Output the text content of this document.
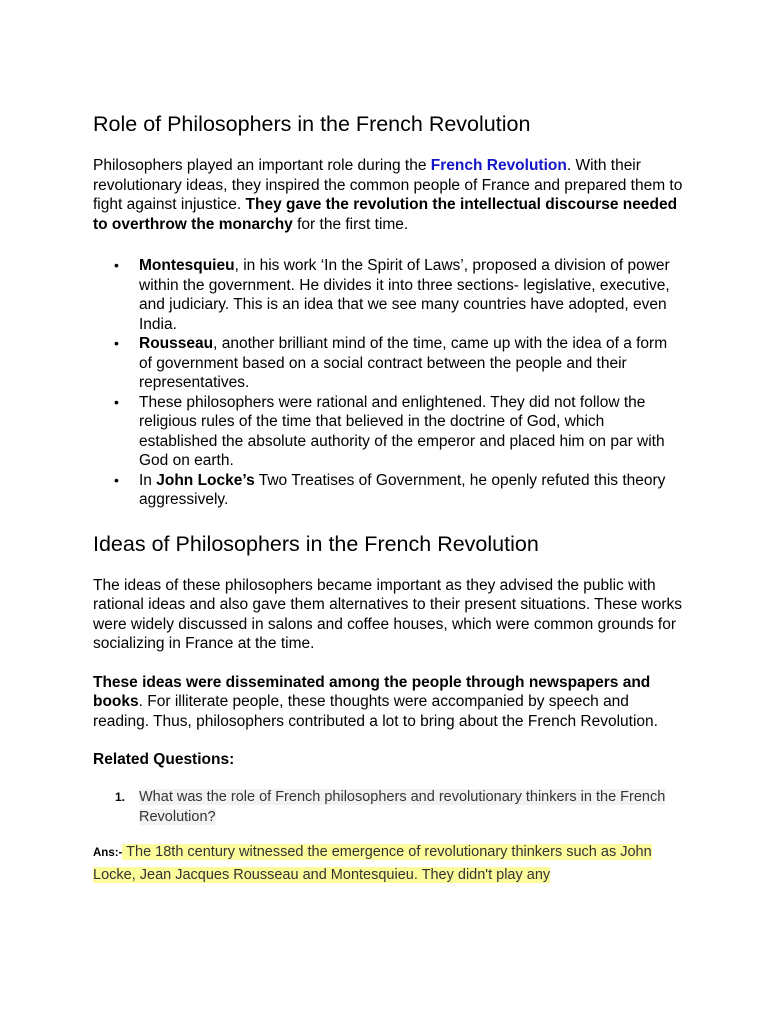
Role of Philosophers in the French Revolution

Philosophers played an important role during the French Revolution. With their revolutionary ideas, they inspired the common people of France and prepared them to fight against injustice. They gave the revolution the intellectual discourse needed to overthrow the monarchy for the first time.

• Montesquieu, in his work ‘In the Spirit of Laws’, proposed a division of power within the government. He divides it into three sections- legislative, executive, and judiciary. This is an idea that we see many countries have adopted, even India.
• Rousseau, another brilliant mind of the time, came up with the idea of a form of government based on a social contract between the people and their representatives.
• These philosophers were rational and enlightened. They did not follow the religious rules of the time that believed in the doctrine of God, which established the absolute authority of the emperor and placed him on par with God on earth.
• In John Locke’s Two Treatises of Government, he openly refuted this theory aggressively.
Ideas of Philosophers in the French Revolution

The ideas of these philosophers became important as they advised the public with rational ideas and also gave them alternatives to their present situations. These works were widely discussed in salons and coffee houses, which were common grounds for socializing in France at the time.

These ideas were disseminated among the people through newspapers and books. For illiterate people, these thoughts were accompanied by speech and reading. Thus, philosophers contributed a lot to bring about the French Revolution.

Related Questions:
1. What was the role of French philosophers and revolutionary thinkers in the French Revolution?
Ans:- The 18th century witnessed the emergence of revolutionary thinkers such as John Locke, Jean Jacques Rousseau and Montesquieu. They didn't play any
